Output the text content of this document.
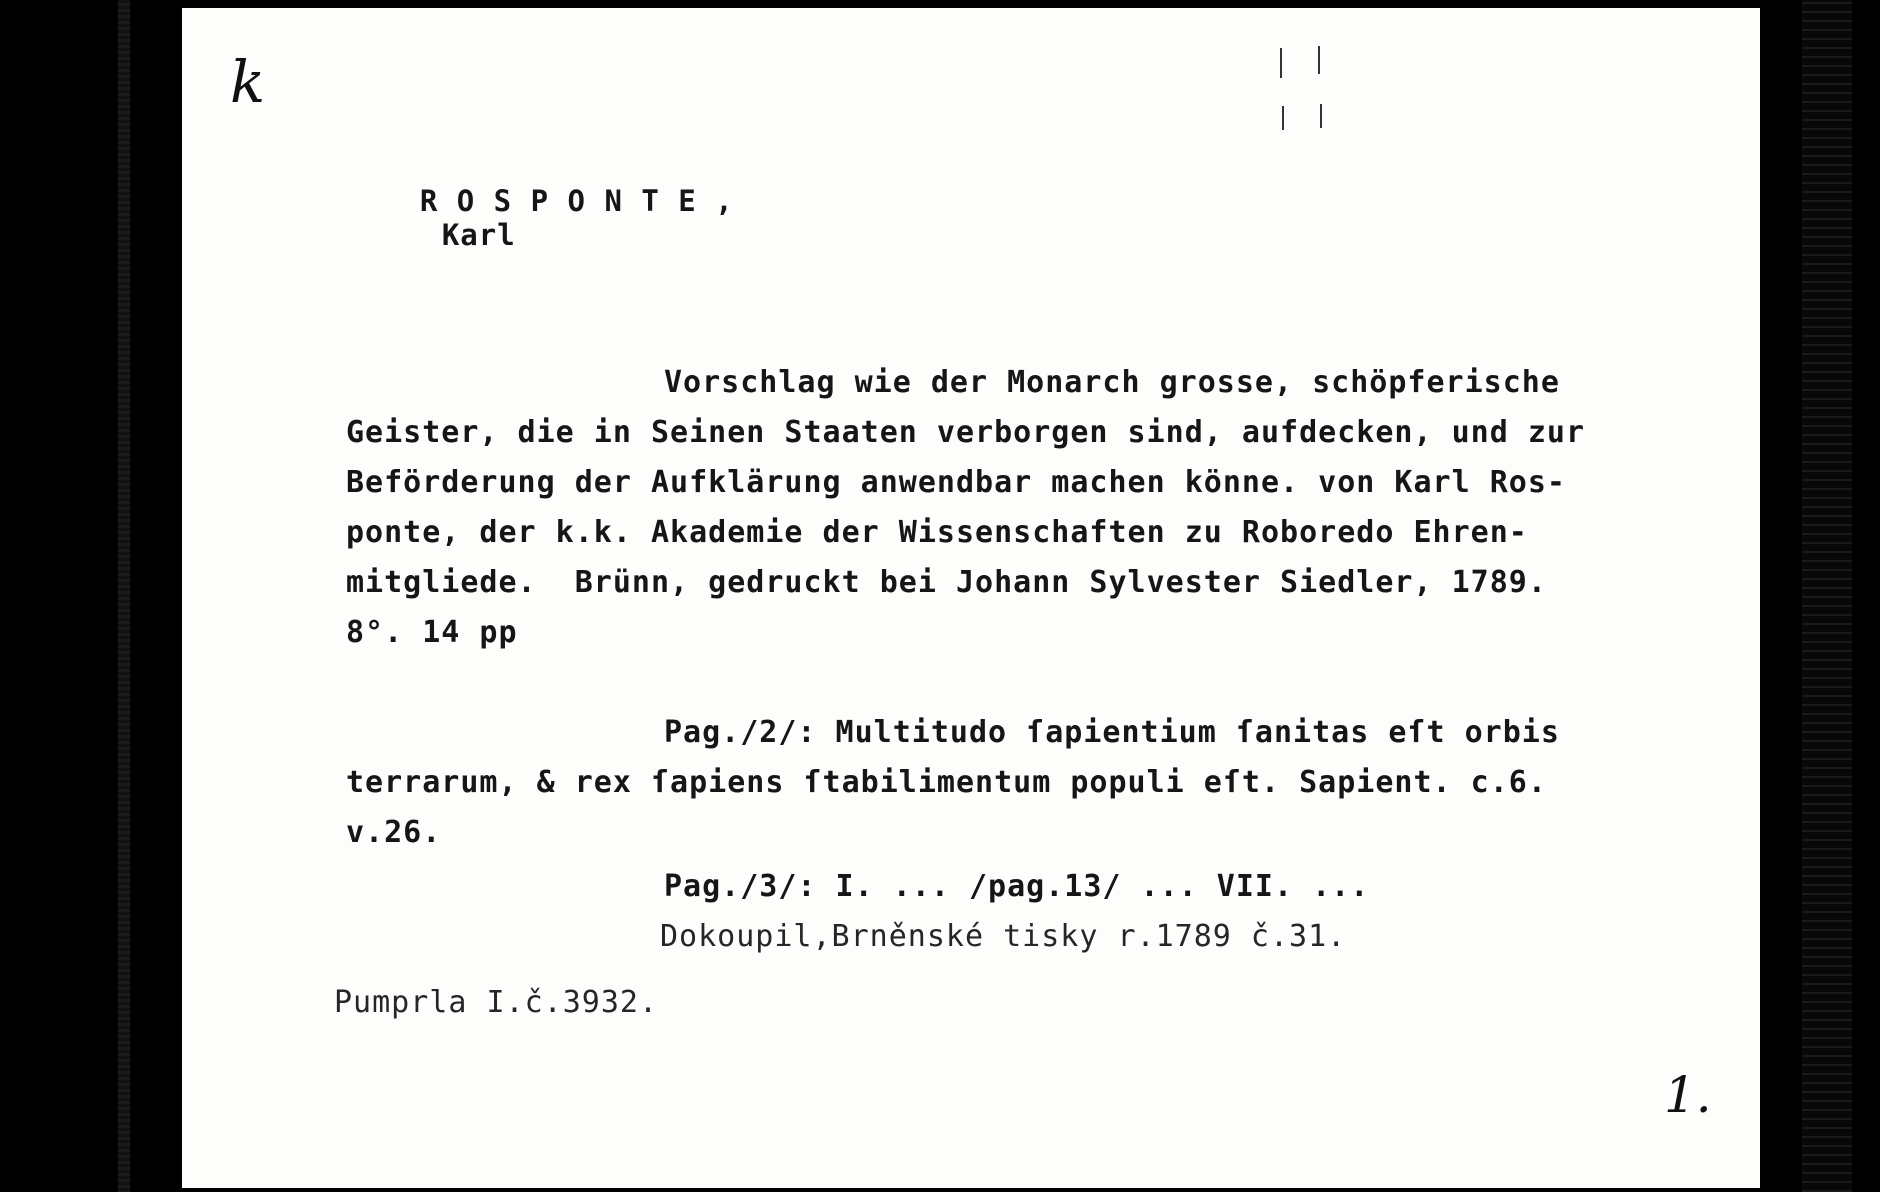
k

R O S P O N T E ,
Karl

Vorschlag wie der Monarch grosse, schöpferische
Geister, die in Seinen Staaten verborgen sind, aufdecken, und zur
Beförderung der Aufklärung anwendbar machen könne. von Karl Ros-
ponte, der k.k. Akademie der Wissenschaften zu Roboredo Ehren-
mitgliede.  Brünn, gedruckt bei Johann Sylvester Siedler, 1789.
8°. 14 pp
Pag./2/: Multitudo ſapientium ſanitas eſt orbis
terrarum, & rex ſapiens ſtabilimentum populi eſt. Sapient. c.6.
v.26.
Pag./3/: I. ... /pag.13/ ... VII. ...
Dokoupil,Brněnské tisky r.1789 č.31.
Pumprla I.č.3932.
1.
